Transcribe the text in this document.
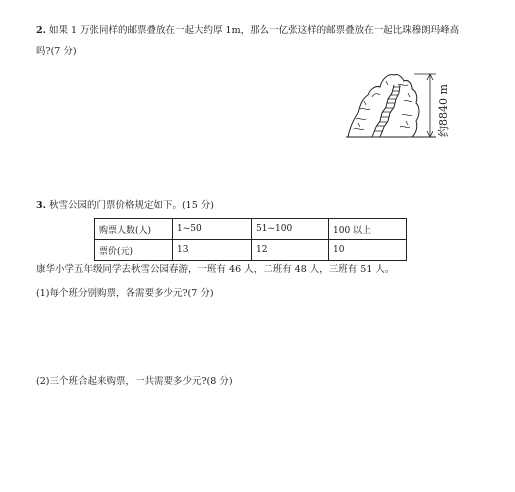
2. 如果 1 万张同样的邮票叠放在一起大约厚 1m，那么一亿张这样的邮票叠放在一起比珠穆朗玛峰高
吗?(7 分)
约8840 m
3. 秋雪公园的门票价格规定如下。(15 分)
购票人数(人)	1~50	51~100	100 以上
票价(元)	13	12	10
康华小学五年级同学去秋雪公园春游，一班有 46 人，二班有 48 人，三班有 51 人。
(1)每个班分别购票，各需要多少元?(7 分)
(2)三个班合起来购票，一共需要多少元?(8 分)
